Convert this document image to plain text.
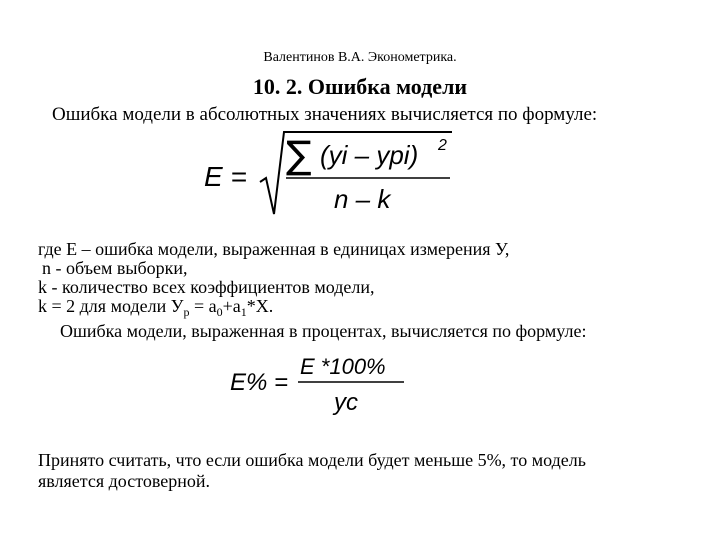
Валентинов В.А. Эконометрика.
10. 2. Ошибка модели
Ошибка модели в абсолютных значениях вычисляется по формуле:
E = ∑ (yi – ypi) 2
n – k
где E – ошибка модели, выраженная в единицах измерения У,
n - объем выборки,
k - количество всех коэффициентов модели,
k = 2 для модели $У_p = a_0+a_1*X$.
Ошибка модели, выраженная в процентах, вычисляется по формуле:
E% =
E *100%
yc
Принято считать, что если ошибка модели будет меньше 5%, то модель
является достоверной.
